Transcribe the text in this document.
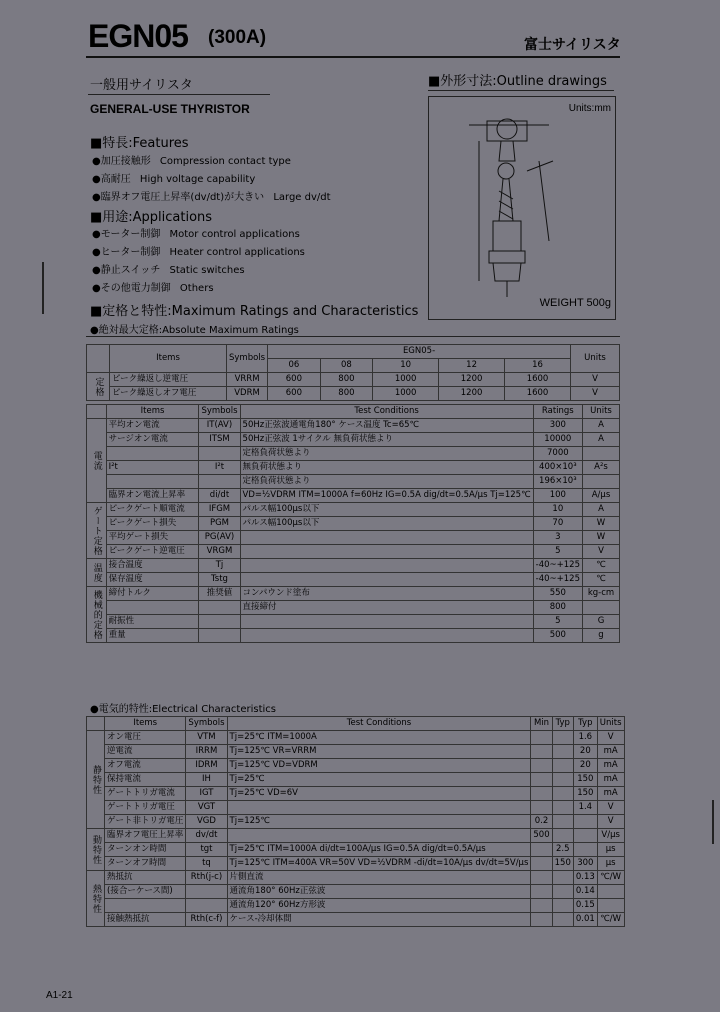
EGN05 (300A)	富士サイリスタ
一般用サイリスタ
GENERAL-USE THYRISTOR
■特長:Features
●加圧接触形 Compression contact type
●高耐圧 High voltage capability
●臨界オフ電圧上昇率(dv/dt)が大きい Large dv/dt
■用途:Applications
●モーター制御 Motor control applications
●ヒーター制御 Heater control applications
●静止スイッチ Static switches
●その他電力制御 Others
■外形寸法:Outline drawings
Units:mm
WEIGHT 500g
■定格と特性:Maximum Ratings and Characteristics
●絶対最大定格:Absolute Maximum Ratings
	Items	Symbols	EGN05-					Units
			06	08	10	12	16	
定格	ピーク繰返し逆電圧	VRRM	600	800	1000	1200	1600	V
	ピーク繰返しオフ電圧	VDRM	600	800	1000	1200	1600	V
	Items	Symbols	Test Conditions	Ratings	Units
電流	平均オン電流	IT(AV)	50Hz正弦波通電角180° ケース温度 Tc=65℃	300	A
	サージオン電流	ITSM	50Hz正弦波 1サイクル 無負荷状態より	10000	A
			定格負荷状態より	7000	
	I²t	I²t	無負荷状態より	400×10³	A²s
			定格負荷状態より	196×10³	
	臨界オン電流上昇率	di/dt	VD=½VDRM ITM=1000A f=60Hz IG=0.5A dig/dt=0.5A/μs Tj=125℃	100	A/μs
ゲート定格	ピークゲート順電流	IFGM	パルス幅100μs以下	10	A
	ピークゲート損失	PGM	パルス幅100μs以下	70	W
	平均ゲート損失	PG(AV)		3	W
	ピークゲート逆電圧	VRGM		5	V
温度	接合温度	Tj		-40~+125	℃
	保存温度	Tstg		-40~+125	℃
機械的定格	締付トルク	推奨値	コンパウンド塗布	550	kg-cm
			直接締付	800	
	耐振性			5	G
	重量			500	g
●電気的特性:Electrical Characteristics
	Items	Symbols	Test Conditions	Min	Typ	Typ	Units
静特性	オン電圧	VTM	Tj=25℃ ITM=1000A			1.6	V
	逆電流	IRRM	Tj=125℃ VR=VRRM			20	mA
	オフ電流	IDRM	Tj=125℃ VD=VDRM			20	mA
	保持電流	IH	Tj=25℃			150	mA
	ゲートトリガ電流	IGT	Tj=25℃ VD=6V			150	mA
	ゲートトリガ電圧	VGT				1.4	V
	ゲート非トリガ電圧	VGD	Tj=125℃	0.2			V
動特性	臨界オフ電圧上昇率	dv/dt		500			V/μs
	ターンオン時間	tgt	Tj=25℃ ITM=1000A di/dt=100A/μs IG=0.5A dig/dt=0.5A/μs		2.5		μs
	ターンオフ時間	tq	Tj=125℃ ITM=400A VR=50V VD=½VDRM -di/dt=10A/μs dv/dt=5V/μs		150	300	μs
熱特性	熱抵抗	Rth(j-c)	片側直流			0.13	℃/W
	(接合ーケース間)		通流角180° 60Hz正弦波			0.14	
			通流角120° 60Hz方形波			0.15	
	接触熱抵抗	Rth(c-f)	ケース-冷却体間			0.01	℃/W
A1-21
